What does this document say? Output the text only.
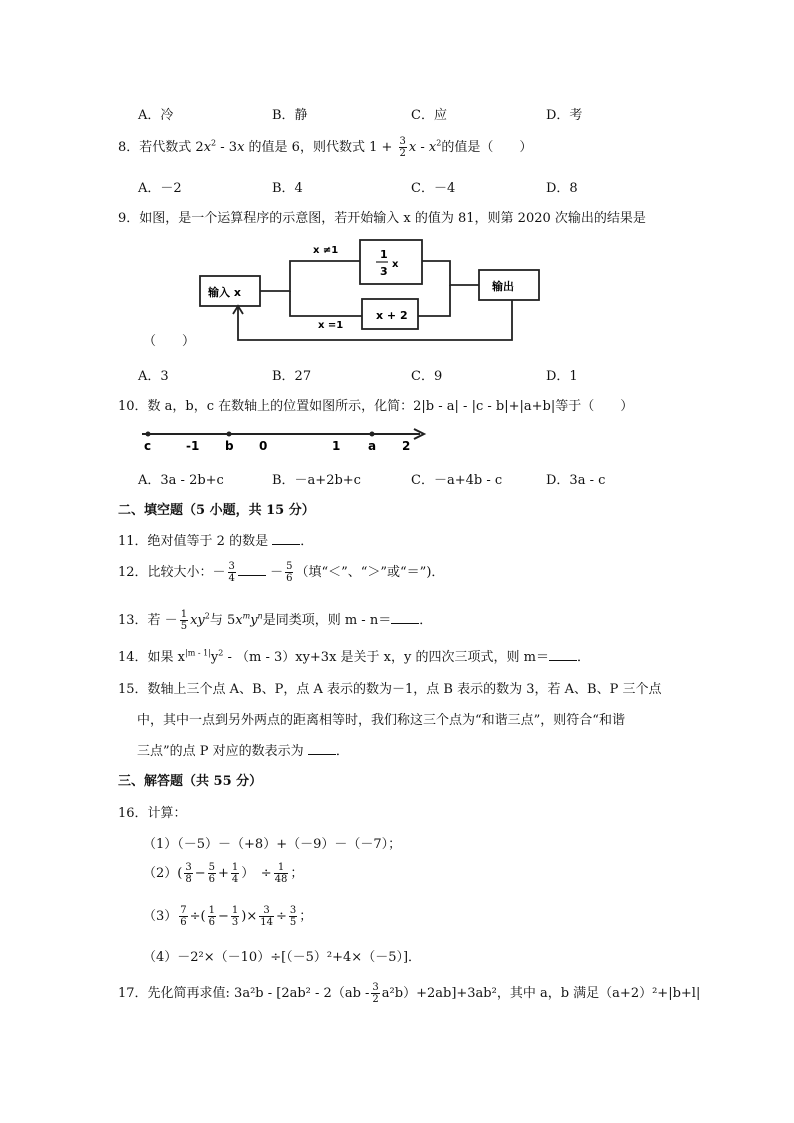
A．冷	B．静	C．应	D．考
8．若代数式 $2x^2 - 3x$ 的值是 6，则代数式 $1 + \frac{3}{2}$ x - $x^2$的值是（　　）
A．－2	B．4	C．－4	D．8
9．如图，是一个运算程序的示意图，若开始输入 x 的值为 81，则第 2020 次输出的结果是
输入 x	输出
x ≠1
x =1
1
3
x
x + 2
（　　）
A．3	B．27	C．9	D．1
10．数 a，b，c 在数轴上的位置如图所示，化简：2|b - a| - |c - b|+|a+b|等于（　　）
c	-1 b 0	1 a 2
A．3a - 2b+c	B．－a+2b+c	C．－a+4b - c	D．3a - c
二、填空题（5 小题，共 15 分）
11．绝对值等于 2 的数是 ．
12．比较大小：－ $\frac{3}{4}$	－ $\frac{5}{6}$ （填“＜”、“＞”或“＝”)．
13．若 － $\frac{1}{5} xy^2$与 $5x^my^n$是同类项，则 m - n＝ ．
14．如果 $x^{|m - 1|}y^2 - (m - 3)xy+3x$ 是关于 x，y 的四次三项式，则 m＝ ．
15．数轴上三个点 A、B、P，点 A 表示的数为－1，点 B 表示的数为 3，若 A、B、P 三个点
中，其中一点到另外两点的距离相等时，我们称这三个点为“和谐三点”，则符合“和谐
三点”的点 P 对应的数表示为 ．
三、解答题（共 55 分）
16．计算：
（1）（－5）－（+8）+（－9）－（－7）；
$(2)( \frac{3}{8} - \frac{5}{6} + \frac{1}{4}$ ）　÷ $\frac{1}{48}$ ；
$(3) \frac{7}{6}$ ÷( $\frac{1}{6} - \frac{1}{3}$ )× $\frac{3}{14} \div \frac{3}{5}$ ；
（4）－2²×（－10）÷[（－5）²+4×（－5）]．
17．先化简再求值: $3a^2b - [2ab^2 - 2(ab - \frac{3}{2} a^2b)+2ab]+3ab^2$，其中 a，b 满足（a+2）²+|b+l|
